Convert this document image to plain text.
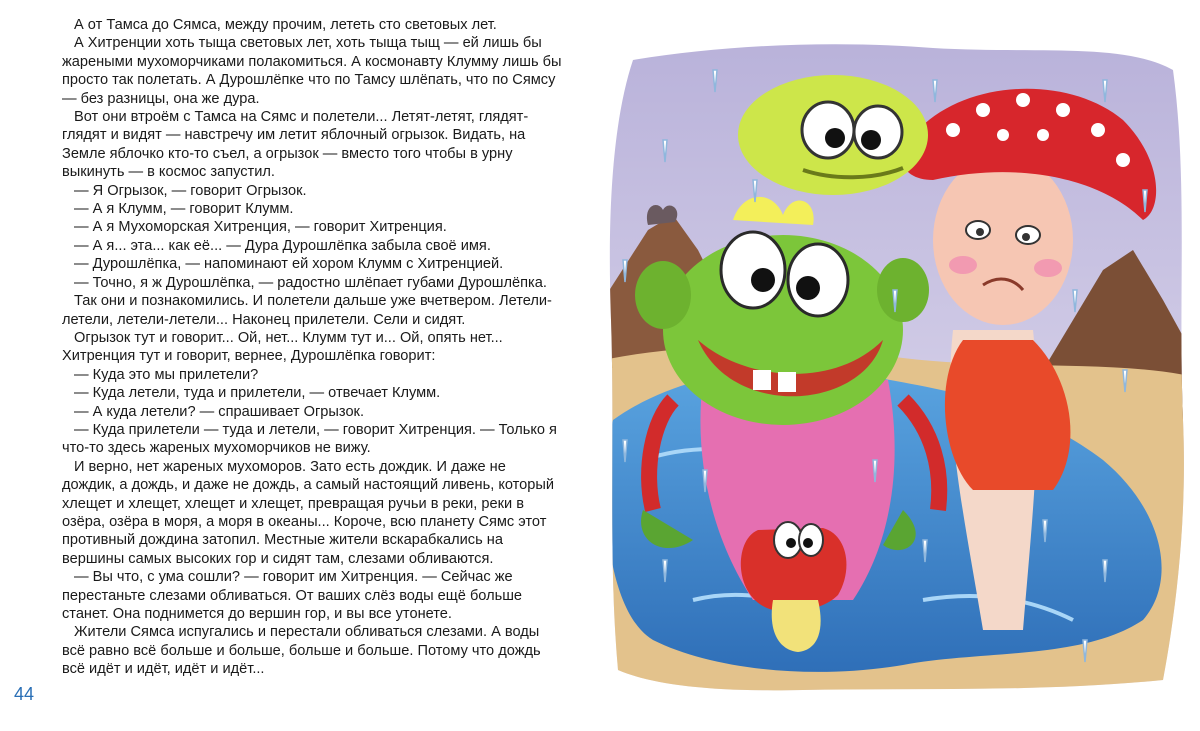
А от Тамса до Сямса, между прочим, лететь сто световых лет.

А Хитренции хоть тыща световых лет, хоть тыща тыщ — ей лишь бы жареными мухоморчиками полакомиться. А космонавту Клумму лишь бы просто так полетать. А Дурошлёпке что по Тамсу шлёпать, что по Сямсу — без разницы, она же дура.

Вот они втроём с Тамса на Сямс и полетели... Летят-летят, глядят-глядят и видят — навстречу им летит яблочный огрызок. Видать, на Земле яблочко кто-то съел, а огрызок — вместо того чтобы в урну выкинуть — в космос запустил.

— Я Огрызок, — говорит Огрызок.

— А я Клумм, — говорит Клумм.

— А я Мухоморская Хитренция, — говорит Хитренция.

— А я... эта... как её... — Дура Дурошлёпка забыла своё имя.

— Дурошлёпка, — напоминают ей хором Клумм с Хитренцией.

— Точно, я ж Дурошлёпка, — радостно шлёпает губами Дурошлёпка.

Так они и познакомились. И полетели дальше уже вчетвером. Летели-летели, летели-летели... Наконец прилетели. Сели и сидят.

Огрызок тут и говорит... Ой, нет... Клумм тут и... Ой, опять нет... Хитренция тут и говорит, вернее, Дурошлёпка говорит:

— Куда это мы прилетели?

— Куда летели, туда и прилетели, — отвечает Клумм.

— А куда летели? — спрашивает Огрызок.

— Куда прилетели — туда и летели, — говорит Хитренция. — Только я что-то здесь жареных мухоморчиков не вижу.

И верно, нет жареных мухоморов. Зато есть дождик. И даже не дождик, а дождь, и даже не дождь, а самый настоящий ливень, который хлещет и хлещет, хлещет и хлещет, превращая ручьи в реки, реки в озёра, озёра в моря, а моря в океаны... Короче, всю планету Сямс этот противный дождина затопил. Местные жители вскарабкались на вершины самых высоких гор и сидят там, слезами обливаются.

— Вы что, с ума сошли? — говорит им Хитренция. — Сейчас же перестаньте слезами обливаться. От ваших слёз воды ещё больше станет. Она поднимется до вершин гор, и вы все утонете.

Жители Сямса испугались и перестали обливаться слезами. А воды всё равно всё больше и больше, больше и больше. Потому что дождь всё идёт и идёт, идёт и идёт...

44
